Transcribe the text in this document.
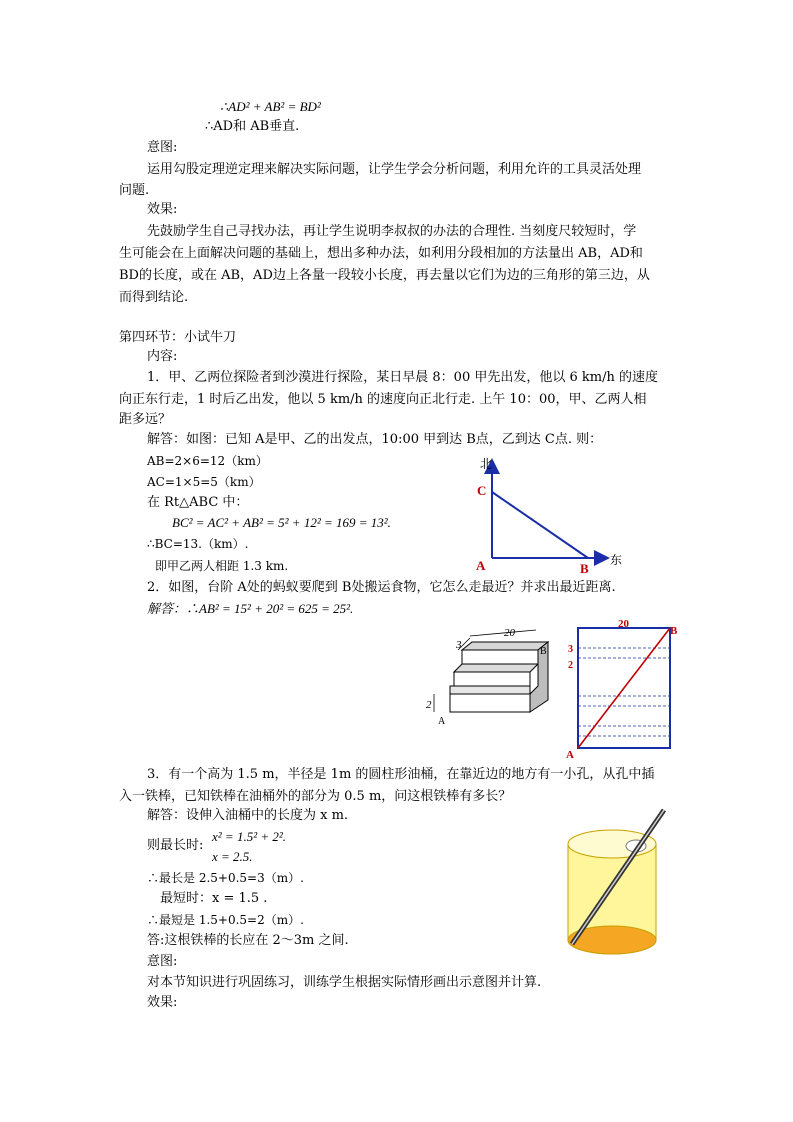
∴AD² + AB² = BD²
∴AD和 AB垂直.
意图:
运用勾股定理逆定理来解决实际问题，让学生学会分析问题，利用允许的工具灵活处理
问题.
效果:
先鼓励学生自己寻找办法，再让学生说明李叔叔的办法的合理性. 当刻度尺较短时，学
生可能会在上面解决问题的基础上，想出多种办法，如利用分段相加的方法量出 AB，AD和
BD的长度，或在 AB，AD边上各量一段较小长度，再去量以它们为边的三角形的第三边，从
而得到结论.
第四环节：小试牛刀
内容:
1．甲、乙两位探险者到沙漠进行探险，某日早晨 8：00 甲先出发，他以 6 km/h 的速度
向正东行走，1 时后乙出发，他以 5 km/h 的速度向正北行走. 上午 10：00，甲、乙两人相
距多远？
解答：如图：已知 A是甲、乙的出发点，10:00 甲到达 B点，乙到达 C点. 则：
AB=2×6=12（km）
AC=1×5=5（km）
在 Rt△ABC 中：
BC² = AC² + AB² = 5² + 12² = 169 = 13².
∴BC=13.（km）.
即甲乙两人相距 1.3 km.
北
东
C
A	B
2．如图，台阶 A处的蚂蚁要爬到 B处搬运食物，它怎么走最近？并求出最近距离.
解答：∴AB² = 15² + 20² = 625 = 25².
20
3
2
A
B
20
B
A
3
2
3．有一个高为 1.5 m，半径是 1m 的圆柱形油桶，在靠近边的地方有一小孔，从孔中插
入一铁棒，已知铁棒在油桶外的部分为 0.5 m，问这根铁棒有多长？
解答：设伸入油桶中的长度为 x m.
则最长时:
x² = 1.5² + 2².
x = 2.5.
∴最长是 2.5+0.5=3（m）.
最短时：x = 1.5 .
∴最短是 1.5+0.5=2（m）.
答:这根铁棒的长应在 2～3m 之间.
意图:
对本节知识进行巩固练习，训练学生根据实际情形画出示意图并计算.
效果:
